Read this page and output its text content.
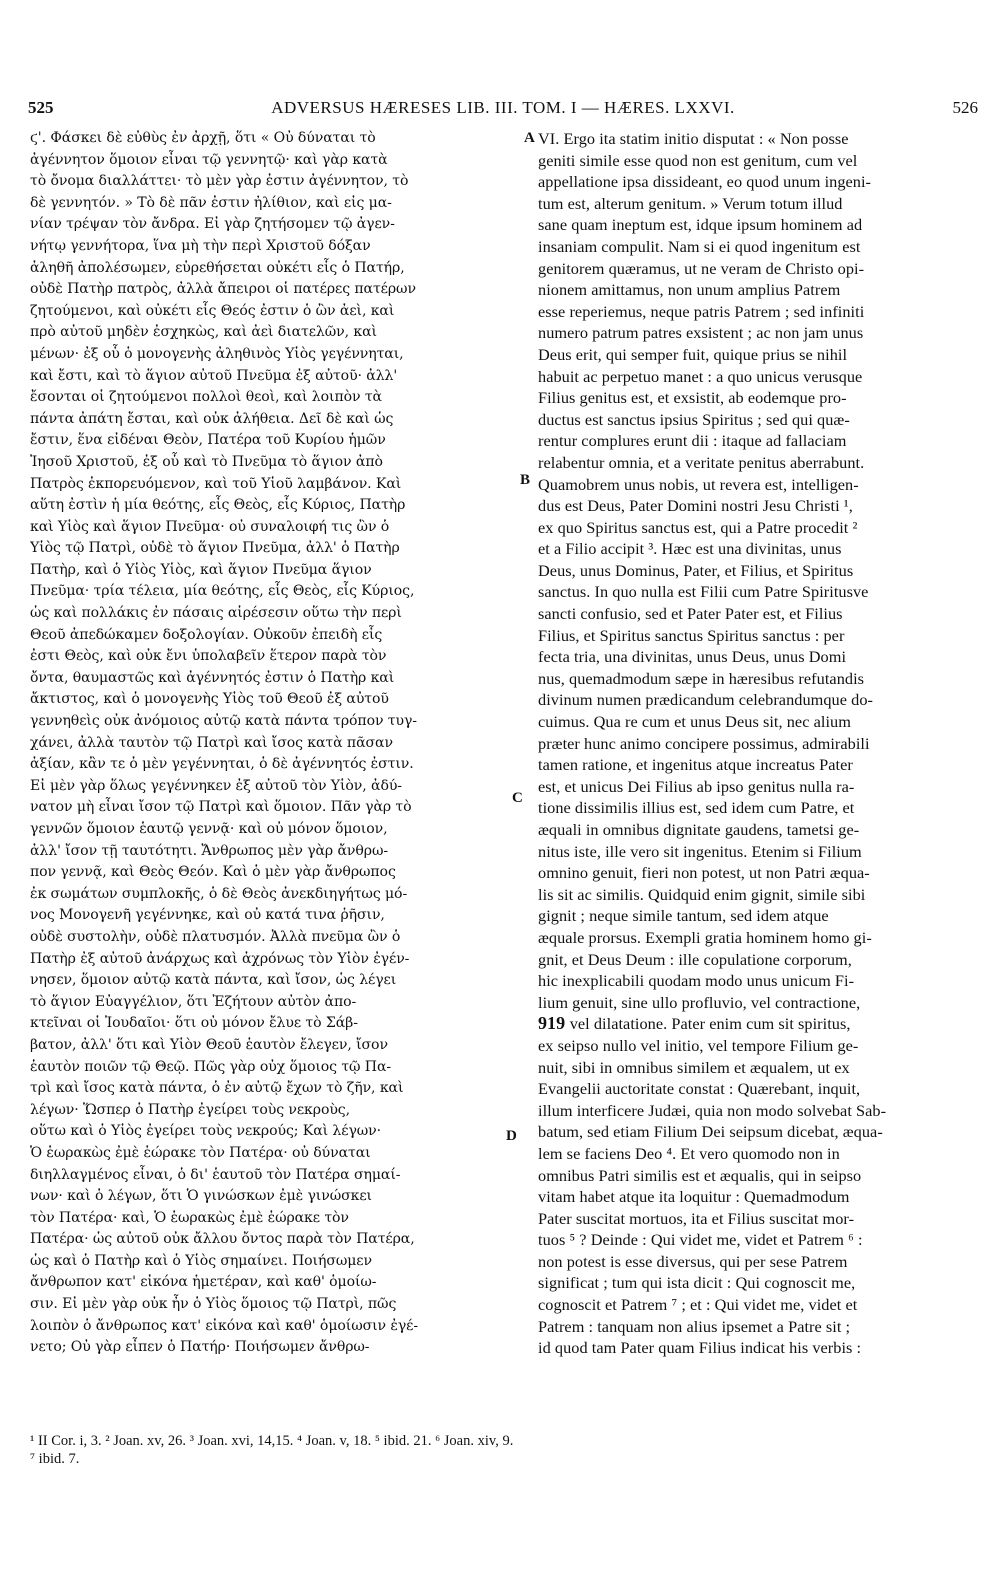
525	ADVERSUS HÆRESES LIB. III. TOM. I — HÆRES. LXXVI.	526
ϛ'. Φάσκει δὲ εὐθὺς ἐν ἀρχῇ, ὅτι « Οὐ δύναται τὸ
ἀγέννητον ὅμοιον εἶναι τῷ γεννητῷ· καὶ γὰρ κατὰ
τὸ ὄνομα διαλλάττει· τὸ μὲν γὰρ ἐστιν ἀγέννητον, τὸ
δὲ γεννητόν. » Τὸ δὲ πᾶν ἐστιν ἠλίθιον, καὶ εἰς μα-
νίαν τρέψαν τὸν ἄνδρα. Εἰ γὰρ ζητήσομεν τῷ ἀγεν-
νήτῳ γεννήτορα, ἵνα μὴ τὴν περὶ Χριστοῦ δόξαν
ἀληθῆ ἀπολέσωμεν, εὑρεθήσεται οὐκέτι εἷς ὁ Πατήρ,
οὐδὲ Πατὴρ πατρὸς, ἀλλὰ ἄπειροι οἱ πατέρες πατέρων
ζητούμενοι, καὶ οὐκέτι εἷς Θεός ἐστιν ὁ ὢν ἀεὶ, καὶ
πρὸ αὐτοῦ μηδὲν ἐσχηκὼς, καὶ ἀεὶ διατελῶν, καὶ
μένων· ἐξ οὗ ὁ μονογενὴς ἀληθινὸς Υἱὸς γεγέννηται,
καὶ ἔστι, καὶ τὸ ἅγιον αὐτοῦ Πνεῦμα ἐξ αὐτοῦ· ἀλλ'
ἔσονται οἱ ζητούμενοι πολλοὶ θεοὶ, καὶ λοιπὸν τὰ
πάντα ἀπάτη ἔσται, καὶ οὐκ ἀλήθεια. Δεῖ δὲ καὶ ὡς
ἔστιν, ἕνα εἰδέναι Θεὸν, Πατέρα τοῦ Κυρίου ἡμῶν
Ἰησοῦ Χριστοῦ, ἐξ οὗ καὶ τὸ Πνεῦμα τὸ ἅγιον ἀπὸ
Πατρὸς ἐκπορευόμενον, καὶ τοῦ Υἱοῦ λαμβάνον. Καὶ
αὕτη ἐστὶν ἡ μία θεότης, εἷς Θεὸς, εἷς Κύριος, Πατὴρ
καὶ Υἱὸς καὶ ἅγιον Πνεῦμα· οὐ συναλοιφή τις ὢν ὁ
Υἱὸς τῷ Πατρὶ, οὐδὲ τὸ ἅγιον Πνεῦμα, ἀλλ' ὁ Πατὴρ
Πατὴρ, καὶ ὁ Υἱὸς Υἱὸς, καὶ ἅγιον Πνεῦμα ἅγιον
Πνεῦμα· τρία τέλεια, μία θεότης, εἷς Θεὸς, εἷς Κύριος,
ὡς καὶ πολλάκις ἐν πάσαις αἱρέσεσιν οὕτω τὴν περὶ
Θεοῦ ἀπεδώκαμεν δοξολογίαν. Οὐκοῦν ἐπειδὴ εἷς
ἐστι Θεὸς, καὶ οὐκ ἔνι ὑπολαβεῖν ἕτερον παρὰ τὸν
ὄντα, θαυμαστῶς καὶ ἀγέννητός ἐστιν ὁ Πατὴρ καὶ
ἄκτιστος, καὶ ὁ μονογενὴς Υἱὸς τοῦ Θεοῦ ἐξ αὐτοῦ
γεννηθεὶς οὐκ ἀνόμοιος αὐτῷ κατὰ πάντα τρόπον τυγ-
χάνει, ἀλλὰ ταυτὸν τῷ Πατρὶ καὶ ἴσος κατὰ πᾶσαν
ἀξίαν, κἂν τε ὁ μὲν γεγέννηται, ὁ δὲ ἀγέννητός ἐστιν.
Εἰ μὲν γὰρ ὅλως γεγέννηκεν ἐξ αὐτοῦ τὸν Υἱὸν, ἀδύ-
νατον μὴ εἶναι ἴσον τῷ Πατρὶ καὶ ὅμοιον. Πᾶν γὰρ τὸ
γεννῶν ὅμοιον ἑαυτῷ γεννᾷ· καὶ οὐ μόνον ὅμοιον,
ἀλλ' ἴσον τῇ ταυτότητι. Ἄνθρωπος μὲν γὰρ ἄνθρω-
πον γεννᾷ, καὶ Θεὸς Θεόν. Καὶ ὁ μὲν γὰρ ἄνθρωπος
ἐκ σωμάτων συμπλοκῆς, ὁ δὲ Θεὸς ἀνεκδιηγήτως μό-
νος Μονογενῆ γεγέννηκε, καὶ οὐ κατά τινα ῥῆσιν,
οὐδὲ συστολὴν, οὐδὲ πλατυσμόν. Ἀλλὰ πνεῦμα ὢν ὁ
Πατὴρ ἐξ αὐτοῦ ἀνάρχως καὶ ἀχρόνως τὸν Υἱὸν ἐγέν-
νησεν, ὅμοιον αὐτῷ κατὰ πάντα, καὶ ἴσον, ὡς λέγει
τὸ ἅγιον Εὐαγγέλιον, ὅτι Ἐζήτουν αὐτὸν ἀπο-
κτεῖναι οἱ Ἰουδαῖοι· ὅτι οὐ μόνον ἔλυε τὸ Σάβ-
βατον, ἀλλ' ὅτι καὶ Υἱὸν Θεοῦ ἑαυτὸν ἔλεγεν, ἴσον
ἑαυτὸν ποιῶν τῷ Θεῷ. Πῶς γὰρ οὐχ ὅμοιος τῷ Πα-
τρὶ καὶ ἴσος κατὰ πάντα, ὁ ἐν αὐτῷ ἔχων τὸ ζῆν, καὶ
λέγων· Ὥσπερ ὁ Πατὴρ ἐγείρει τοὺς νεκροὺς,
οὕτω καὶ ὁ Υἱὸς ἐγείρει τοὺς νεκρούς; Καὶ λέγων·
Ὁ ἑωρακὼς ἐμὲ ἑώρακε τὸν Πατέρα· οὐ δύναται
διηλλαγμένος εἶναι, ὁ δι' ἑαυτοῦ τὸν Πατέρα σημαί-
νων· καὶ ὁ λέγων, ὅτι Ὁ γινώσκων ἐμὲ γινώσκει
τὸν Πατέρα· καὶ, Ὁ ἑωρακὼς ἐμὲ ἑώρακε τὸν
Πατέρα· ὡς αὐτοῦ οὐκ ἄλλου ὄντος παρὰ τὸν Πατέρα,
ὡς καὶ ὁ Πατὴρ καὶ ὁ Υἱὸς σημαίνει. Ποιήσωμεν
ἄνθρωπον κατ' εἰκόνα ἡμετέραν, καὶ καθ' ὁμοίω-
σιν. Εἰ μὲν γὰρ οὐκ ἦν ὁ Υἱὸς ὅμοιος τῷ Πατρὶ, πῶς
λοιπὸν ὁ ἄνθρωπος κατ' εἰκόνα καὶ καθ' ὁμοίωσιν ἐγέ-
νετο; Οὐ γὰρ εἶπεν ὁ Πατήρ· Ποιήσωμεν ἄνθρω-
VI. Ergo ita statim initio disputat : « Non posse
geniti simile esse quod non est genitum, cum vel
appellatione ipsa dissideant, eo quod unum ingeni-
tum est, alterum genitum. » Verum totum illud
sane quam ineptum est, idque ipsum hominem ad
insaniam compulit. Nam si ei quod ingenitum est
genitorem quæramus, ut ne veram de Christo opi-
nionem amittamus, non unum amplius Patrem
esse reperiemus, neque patris Patrem ; sed infiniti
numero patrum patres exsistent ; ac non jam unus
Deus erit, qui semper fuit, quique prius se nihil
habuit ac perpetuo manet : a quo unicus verusque
Filius genitus est, et exsistit, ab eodemque pro-
ductus est sanctus ipsius Spiritus ; sed qui quæ-
rentur complures erunt dii : itaque ad fallaciam
relabentur omnia, et a veritate penitus aberrabunt.
Quamobrem unus nobis, ut revera est, intelligen-
dus est Deus, Pater Domini nostri Jesu Christi ¹,
ex quo Spiritus sanctus est, qui a Patre procedit ²
et a Filio accipit ³. Hæc est una divinitas, unus
Deus, unus Dominus, Pater, et Filius, et Spiritus
sanctus. In quo nulla est Filii cum Patre Spiritusve
sancti confusio, sed et Pater Pater est, et Filius
Filius, et Spiritus sanctus Spiritus sanctus : per
fecta tria, una divinitas, unus Deus, unus Domi
nus, quemadmodum sæpe in hæresibus refutandis
divinum numen prædicandum celebrandumque do-
cuimus. Qua re cum et unus Deus sit, nec alium
præter hunc animo concipere possimus, admirabili
tamen ratione, et ingenitus atque increatus Pater
est, et unicus Dei Filius ab ipso genitus nulla ra-
tione dissimilis illius est, sed idem cum Patre, et
æquali in omnibus dignitate gaudens, tametsi ge-
nitus iste, ille vero sit ingenitus. Etenim si Filium
omnino genuit, fieri non potest, ut non Patri æqua-
lis sit ac similis. Quidquid enim gignit, simile sibi
gignit ; neque simile tantum, sed idem atque
æquale prorsus. Exempli gratia hominem homo gi-
gnit, et Deus Deum : ille copulatione corporum,
hic inexplicabili quodam modo unus unicum Fi-
lium genuit, sine ullo profluvio, vel contractione,
919 vel dilatatione. Pater enim cum sit spiritus,
ex seipso nullo vel initio, vel tempore Filium ge-
nuit, sibi in omnibus similem et æqualem, ut ex
Evangelii auctoritate constat : Quærebant, inquit,
illum interficere Judæi, quia non modo solvebat Sab-
batum, sed etiam Filium Dei seipsum dicebat, æqua-
lem se faciens Deo ⁴. Et vero quomodo non in
omnibus Patri similis est et æqualis, qui in seipso
vitam habet atque ita loquitur : Quemadmodum
Pater suscitat mortuos, ita et Filius suscitat mor-
tuos ⁵ ? Deinde : Qui videt me, videt et Patrem ⁶ :
non potest is esse diversus, qui per sese Patrem
significat ; tum qui ista dicit : Qui cognoscit me,
cognoscit et Patrem ⁷ ; et : Qui videt me, videt et
Patrem : tanquam non alius ipsemet a Patre sit ;
id quod tam Pater quam Filius indicat his verbis :
A
B
C
D
¹ II Cor. i, 3. ² Joan. xv, 26. ³ Joan. xvi, 14,15. ⁴ Joan. v, 18. ⁵ ibid. 21. ⁶ Joan. xiv, 9.
⁷ ibid. 7.
